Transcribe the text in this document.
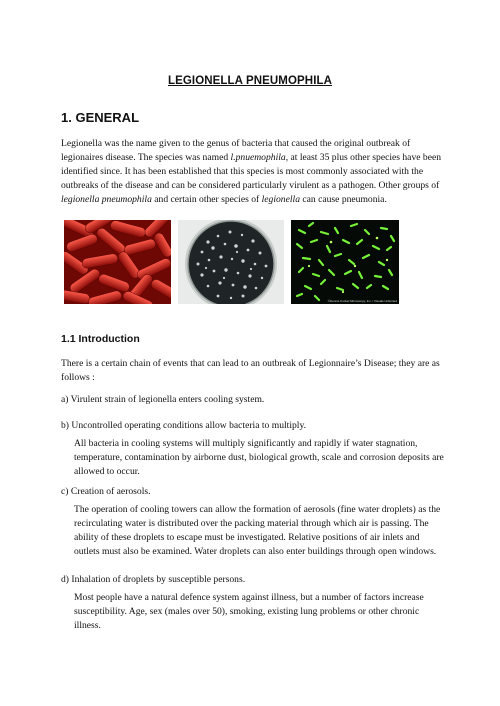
LEGIONELLA PNEUMOPHILA
1. GENERAL

Legionella was the name given to the genus of bacteria that caused the original outbreak of legionaires disease. The species was named l.pnuemophila, at least 35 plus other species have been identified since. It has been established that this species is most commonly associated with the outbreaks of the disease and can be considered particularly virulent as a pathogen. Other groups of legionella pneumophila and certain other species of legionella can cause pneumonia.

©Dennis Kunkel Microscopy, Inc. / Visuals Unlimited
1.1 Introduction

There is a certain chain of events that can lead to an outbreak of Legionnaire’s Disease; they are as follows :

a) Virulent strain of legionella enters cooling system.

b) Uncontrolled operating conditions allow bacteria to multiply.

All bacteria in cooling systems will multiply significantly and rapidly if water stagnation, temperature, contamination by airborne dust, biological growth, scale and corrosion deposits are allowed to occur.

c) Creation of aerosols.

The operation of cooling towers can allow the formation of aerosols (fine water droplets) as the recirculating water is distributed over the packing material through which air is passing. The ability of these droplets to escape must be investigated. Relative positions of air inlets and outlets must also be examined. Water droplets can also enter buildings through open windows.

d) Inhalation of droplets by susceptible persons.

Most people have a natural defence system against illness, but a number of factors increase susceptibility. Age, sex (males over 50), smoking, existing lung problems or other chronic illness.
